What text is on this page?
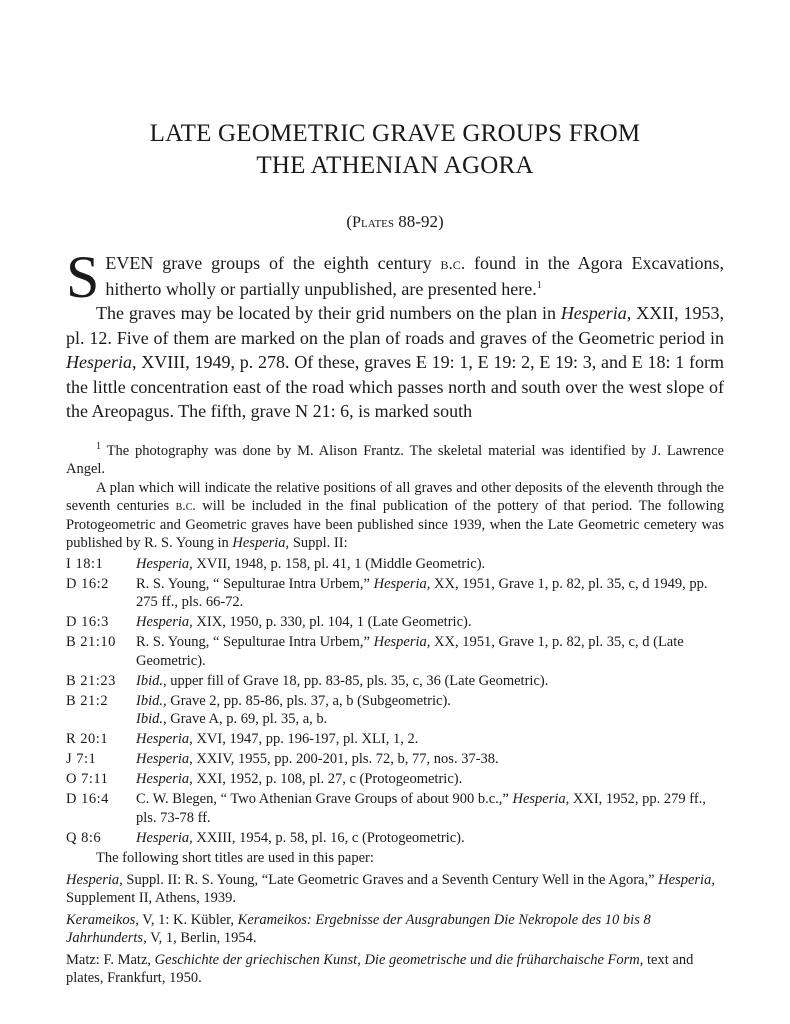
LATE GEOMETRIC GRAVE GROUPS FROM
THE ATHENIAN AGORA
(Plates 88-92)

SEVEN grave groups of the eighth century b.c. found in the Agora Excavations, hitherto wholly or partially unpublished, are presented here.$^1$

The graves may be located by their grid numbers on the plan in Hesperia, XXII, 1953, pl. 12. Five of them are marked on the plan of roads and graves of the Geometric period in Hesperia, XVIII, 1949, p. 278. Of these, graves E 19: 1, E 19: 2, E 19: 3, and E 18: 1 form the little concentration east of the road which passes north and south over the west slope of the Areopagus. The fifth, grave N 21: 6, is marked south

$^1$ The photography was done by M. Alison Frantz. The skeletal material was identified by J. Lawrence Angel.

A plan which will indicate the relative positions of all graves and other deposits of the eleventh through the seventh centuries b.c. will be included in the final publication of the pottery of that period. The following Protogeometric and Geometric graves have been published since 1939, when the Late Geometric cemetery was published by R. S. Young in Hesperia, Suppl. II:

I 18:1	Hesperia, XVII, 1948, p. 158, pl. 41, 1 (Middle Geometric).
D 16:2	R. S. Young, “ Sepulturae Intra Urbem,” Hesperia, XX, 1951, Grave 1, p. 82, pl. 35, c, d 1949, pp. 275 ff., pls. 66-72.
D 16:3	Hesperia, XIX, 1950, p. 330, pl. 104, 1 (Late Geometric).
B 21:10	R. S. Young, “ Sepulturae Intra Urbem,” Hesperia, XX, 1951, Grave 1, p. 82, pl. 35, c, d (Late Geometric).
B 21:23	Ibid., upper fill of Grave 18, pp. 83-85, pls. 35, c, 36 (Late Geometric).
B 21:2	Ibid., Grave 2, pp. 85-86, pls. 37, a, b (Subgeometric).
Ibid., Grave A, p. 69, pl. 35, a, b.
R 20:1	Hesperia, XVI, 1947, pp. 196-197, pl. XLI, 1, 2.
J 7:1	Hesperia, XXIV, 1955, pp. 200-201, pls. 72, b, 77, nos. 37-38.
O 7:11	Hesperia, XXI, 1952, p. 108, pl. 27, c (Protogeometric).
D 16:4	C. W. Blegen, “ Two Athenian Grave Groups of about 900 b.c.,” Hesperia, XXI, 1952, pp. 279 ff., pls. 73-78 ff.
Q 8:6	Hesperia, XXIII, 1954, p. 58, pl. 16, c (Protogeometric).
The following short titles are used in this paper:
Hesperia, Suppl. II: R. S. Young, “Late Geometric Graves and a Seventh Century Well in the Agora,” Hesperia, Supplement II, Athens, 1939.
Kerameikos, V, 1: K. Kübler, Kerameikos: Ergebnisse der Ausgrabungen Die Nekropole des 10 bis 8 Jahrhunderts, V, 1, Berlin, 1954.
Matz: F. Matz, Geschichte der griechischen Kunst, Die geometrische und die früharchaische Form, text and plates, Frankfurt, 1950.
